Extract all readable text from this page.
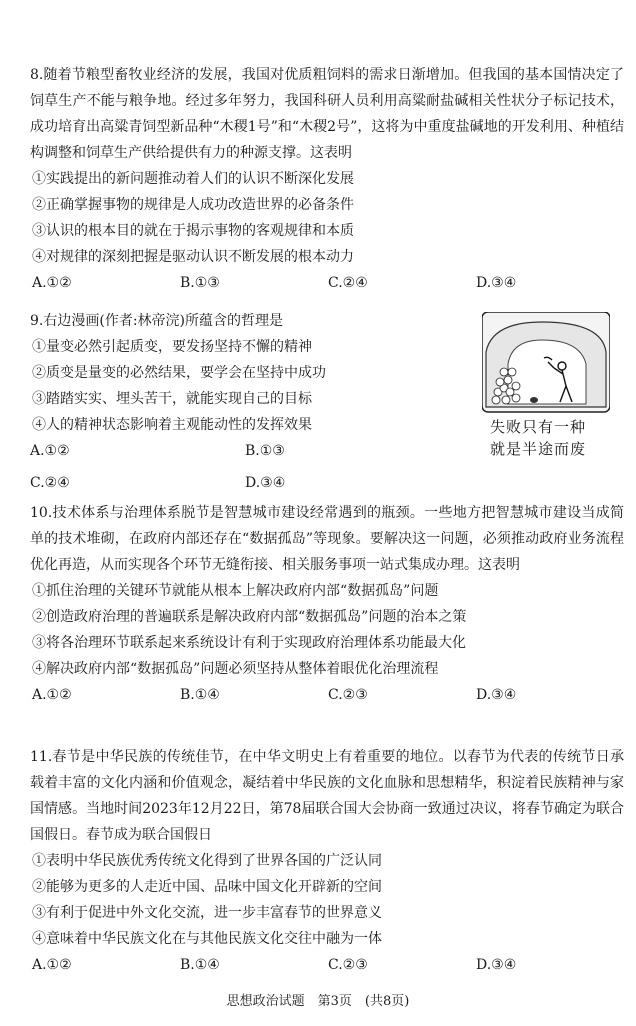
8.随着节粮型畜牧业经济的发展，我国对优质粗饲料的需求日渐增加。但我国的基本国情决定了饲草生产不能与粮争地。经过多年努力，我国科研人员利用高粱耐盐碱相关性状分子标记技术，成功培育出高粱青饲型新品种“木稷1号”和“木稷2号”，这将为中重度盐碱地的开发利用、种植结构调整和饲草生产供给提供有力的种源支撑。这表明

①实践提出的新问题推动着人们的认识不断深化发展

②正确掌握事物的规律是人成功改造世界的必备条件

③认识的根本目的就在于揭示事物的客观规律和本质

④对规律的深刻把握是驱动认识不断发展的根本动力

A.①②	B.①③	C.②④	D.③④

9.右边漫画(作者:林帝浣)所蕴含的哲理是

①量变必然引起质变，要发扬坚持不懈的精神

②质变是量变的必然结果，要学会在坚持中成功

③踏踏实实、埋头苦干，就能实现自己的目标

④人的精神状态影响着主观能动性的发挥效果

A.①②	B.①③
C.②④	D.③④
失败只有一种
就是半途而废

10.技术体系与治理体系脱节是智慧城市建设经常遇到的瓶颈。一些地方把智慧城市建设当成简单的技术堆砌，在政府内部还存在“数据孤岛”等现象。要解决这一问题，必须推动政府业务流程优化再造，从而实现各个环节无缝衔接、相关服务事项一站式集成办理。这表明

①抓住治理的关键环节就能从根本上解决政府内部“数据孤岛”问题

②创造政府治理的普遍联系是解决政府内部“数据孤岛”问题的治本之策

③将各治理环节联系起来系统设计有利于实现政府治理体系功能最大化

④解决政府内部“数据孤岛”问题必须坚持从整体着眼优化治理流程

A.①②	B.①④	C.②③	D.③④

11.春节是中华民族的传统佳节，在中华文明史上有着重要的地位。以春节为代表的传统节日承载着丰富的文化内涵和价值观念，凝结着中华民族的文化血脉和思想精华，积淀着民族精神与家国情感。当地时间2023年12月22日，第78届联合国大会协商一致通过决议，将春节确定为联合国假日。春节成为联合国假日

①表明中华民族优秀传统文化得到了世界各国的广泛认同

②能够为更多的人走近中国、品味中国文化开辟新的空间

③有利于促进中外文化交流，进一步丰富春节的世界意义

④意味着中华民族文化在与其他民族文化交往中融为一体

A.①②	B.①④	C.②③	D.③④
思想政治试题　第3页　(共8页)
